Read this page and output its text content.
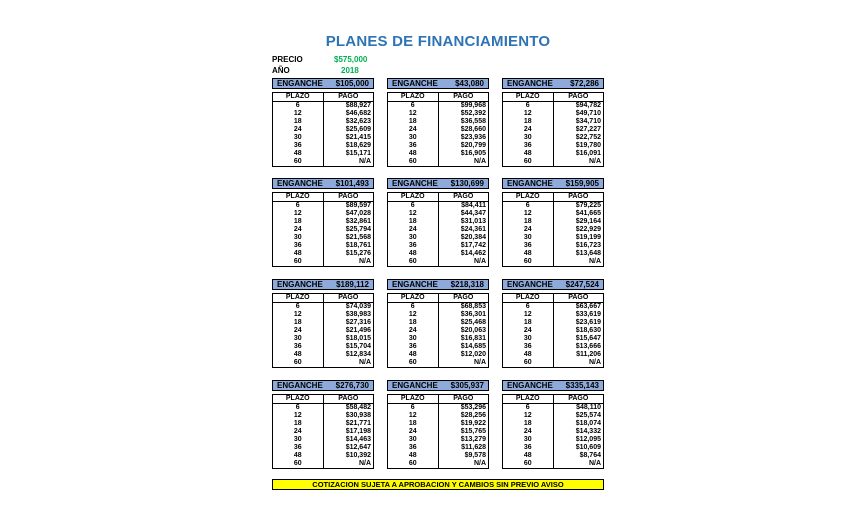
PLANES DE FINANCIAMIENTO
PRECIO	$575,000
AÑO	2018
ENGANCHE $105,000
PLAZO	PAGO
6	$88,927
12	$46,682
18	$32,623
24	$25,609
30	$21,415
36	$18,629
48	$15,171
60	N/A
ENGANCHE $43,080
PLAZO	PAGO
6	$99,968
12	$52,392
18	$36,558
24	$28,660
30	$23,936
36	$20,799
48	$16,905
60	N/A
ENGANCHE $72,286
PLAZO	PAGO
6	$94,782
12	$49,710
18	$34,710
24	$27,227
30	$22,752
36	$19,780
48	$16,091
60	N/A
ENGANCHE $101,493
PLAZO	PAGO
6	$89,597
12	$47,028
18	$32,861
24	$25,794
30	$21,568
36	$18,761
48	$15,276
60	N/A
ENGANCHE $130,699
PLAZO	PAGO
6	$84,411
12	$44,347
18	$31,013
24	$24,361
30	$20,384
36	$17,742
48	$14,462
60	N/A
ENGANCHE $159,905
PLAZO	PAGO
6	$79,225
12	$41,665
18	$29,164
24	$22,929
30	$19,199
36	$16,723
48	$13,648
60	N/A
ENGANCHE $189,112
PLAZO	PAGO
6	$74,039
12	$38,983
18	$27,316
24	$21,496
30	$18,015
36	$15,704
48	$12,834
60	N/A
ENGANCHE $218,318
PLAZO	PAGO
6	$68,853
12	$36,301
18	$25,468
24	$20,063
30	$16,831
36	$14,685
48	$12,020
60	N/A
ENGANCHE $247,524
PLAZO	PAGO
6	$63,667
12	$33,619
18	$23,619
24	$18,630
30	$15,647
36	$13,666
48	$11,206
60	N/A
ENGANCHE $276,730
PLAZO	PAGO
6	$58,482
12	$30,938
18	$21,771
24	$17,198
30	$14,463
36	$12,647
48	$10,392
60	N/A
ENGANCHE $305,937
PLAZO	PAGO
6	$53,296
12	$28,256
18	$19,922
24	$15,765
30	$13,279
36	$11,628
48	$9,578
60	N/A
ENGANCHE $335,143
PLAZO	PAGO
6	$48,110
12	$25,574
18	$18,074
24	$14,332
30	$12,095
36	$10,609
48	$8,764
60	N/A
COTIZACION SUJETA A APROBACION Y CAMBIOS SIN PREVIO AVISO
